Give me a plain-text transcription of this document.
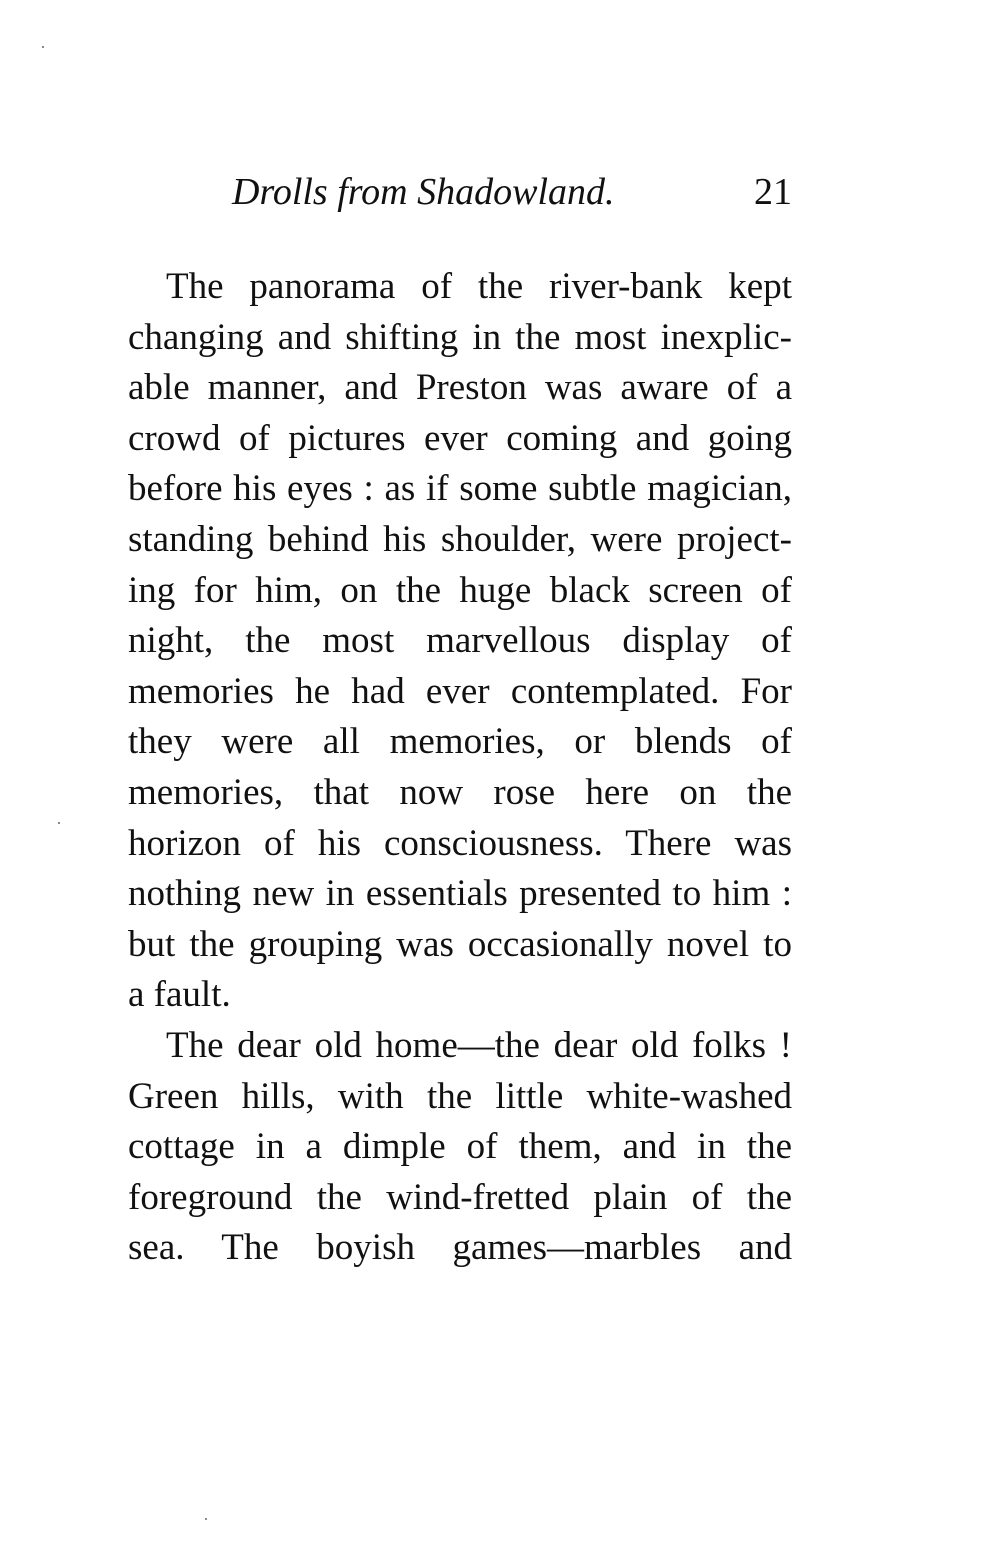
Drolls from Shadowland.	21
The panorama of the river-bank kept
changing and shifting in the most inexplic-
able manner, and Preston was aware of a
crowd of pictures ever coming and going
before his eyes : as if some subtle magician,
standing behind his shoulder, were project-
ing for him, on the huge black screen of
night, the most marvellous display of
memories he had ever contemplated. For
they were all memories, or blends of
memories, that now rose here on the
horizon of his consciousness. There was
nothing new in essentials presented to him :
but the grouping was occasionally novel to
a fault.
The dear old home—the dear old folks !
Green hills, with the little white-washed
cottage in a dimple of them, and in the
foreground the wind-fretted plain of the
sea. The boyish games—marbles and
